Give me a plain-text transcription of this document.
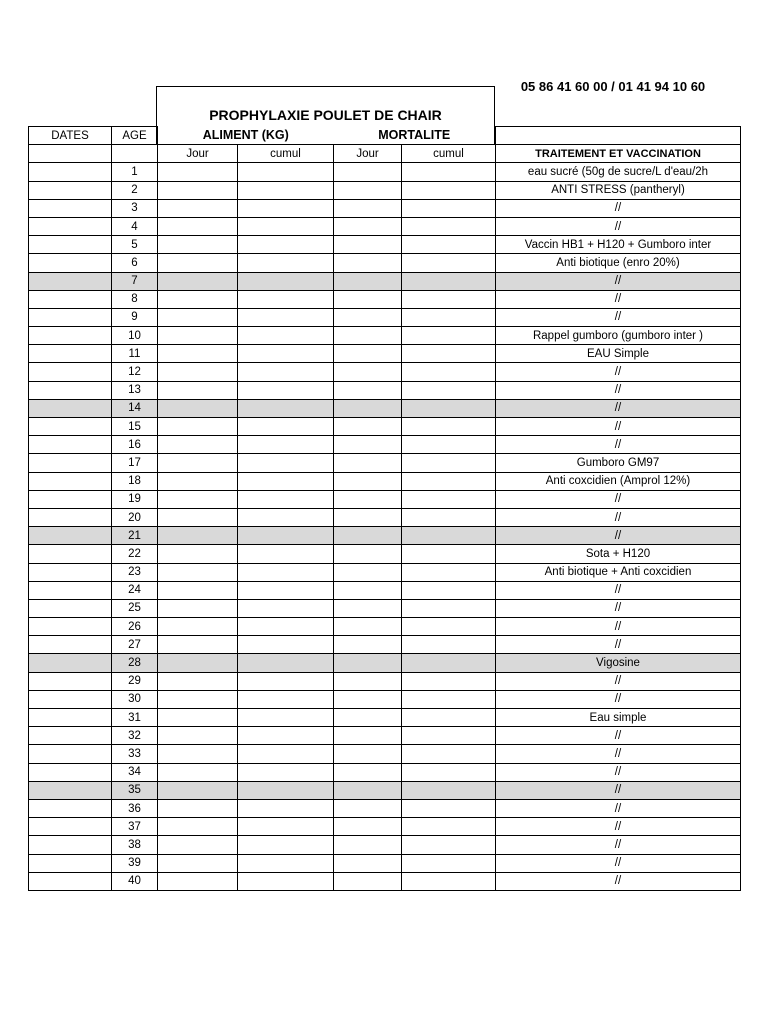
05 86 41 60 00 / 01 41 94 10 60
PROPHYLAXIE POULET DE CHAIR
DATES	AGE	ALIMENT (KG)		MORTALITE		
		Jour	cumul	Jour	cumul	TRAITEMENT ET VACCINATION
	1					eau sucré (50g de sucre/L d'eau/2h
	2					ANTI STRESS (pantheryl)
	3					//
	4					//
	5					Vaccin HB1 + H120 + Gumboro inter
	6					Anti biotique (enro 20%)
	7					//
	8					//
	9					//
	10					Rappel gumboro (gumboro inter )
	11					EAU Simple
	12					//
	13					//
	14					//
	15					//
	16					//
	17					Gumboro GM97
	18					Anti coxcidien (Amprol 12%)
	19					//
	20					//
	21					//
	22					Sota + H120
	23					Anti biotique + Anti coxcidien
	24					//
	25					//
	26					//
	27					//
	28					Vigosine
	29					//
	30					//
	31					Eau simple
	32					//
	33					//
	34					//
	35					//
	36					//
	37					//
	38					//
	39					//
	40					//
